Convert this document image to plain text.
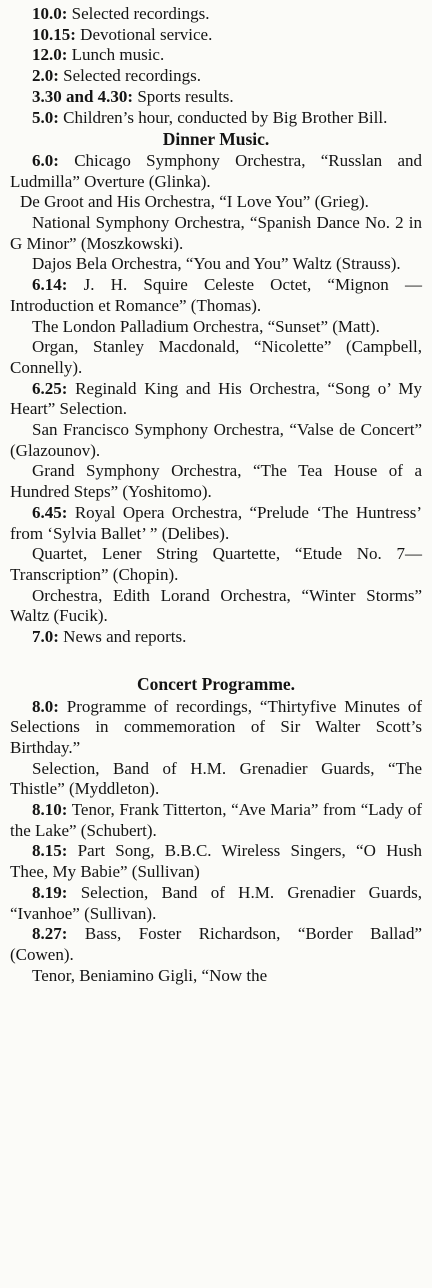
10.0: Selected recordings.

10.15: Devotional service.

12.0: Lunch music.

2.0: Selected recordings.

3.30 and 4.30: Sports results.

5.0: Children’s hour, conducted by Big Brother Bill.

Dinner Music.

6.0: Chicago Symphony Orchestra, “Russlan and Ludmilla” Overture (Glinka).

De Groot and His Orchestra, “I Love You” (Grieg).

National Symphony Orchestra, “Spanish Dance No. 2 in G Minor” (Moszkowski).

Dajos Bela Orchestra, “You and You” Waltz (Strauss).

6.14: J. H. Squire Celeste Octet, “Mignon — Introduction et Romance” (Thomas).

The London Palladium Orchestra, “Sunset” (Matt).

Organ, Stanley Macdonald, “Nicolette” (Campbell, Connelly).

6.25: Reginald King and His Orchestra, “Song o’ My Heart” Selection.

San Francisco Symphony Orchestra, “Valse de Concert” (Glazounov).

Grand Symphony Orchestra, “The Tea House of a Hundred Steps” (Yoshitomo).

6.45: Royal Opera Orchestra, “Prelude ‘The Huntress’ from ‘Sylvia Ballet’ ” (Delibes).

Quartet, Lener String Quartette, “Etude No. 7—Transcription” (Chopin).

Orchestra, Edith Lorand Orchestra, “Winter Storms” Waltz (Fucik).

7.0: News and reports.

Concert Programme.

8.0: Programme of recordings, “Thirtyfive Minutes of Selections in commemoration of Sir Walter Scott’s Birthday.”

Selection, Band of H.M. Grenadier Guards, “The Thistle” (Myddleton).

8.10: Tenor, Frank Titterton, “Ave Maria” from “Lady of the Lake” (Schubert).

8.15: Part Song, B.B.C. Wireless Singers, “O Hush Thee, My Babie” (Sullivan)

8.19: Selection, Band of H.M. Grenadier Guards, “Ivanhoe” (Sullivan).

8.27: Bass, Foster Richardson, “Border Ballad” (Cowen).

Tenor, Beniamino Gigli, “Now the
